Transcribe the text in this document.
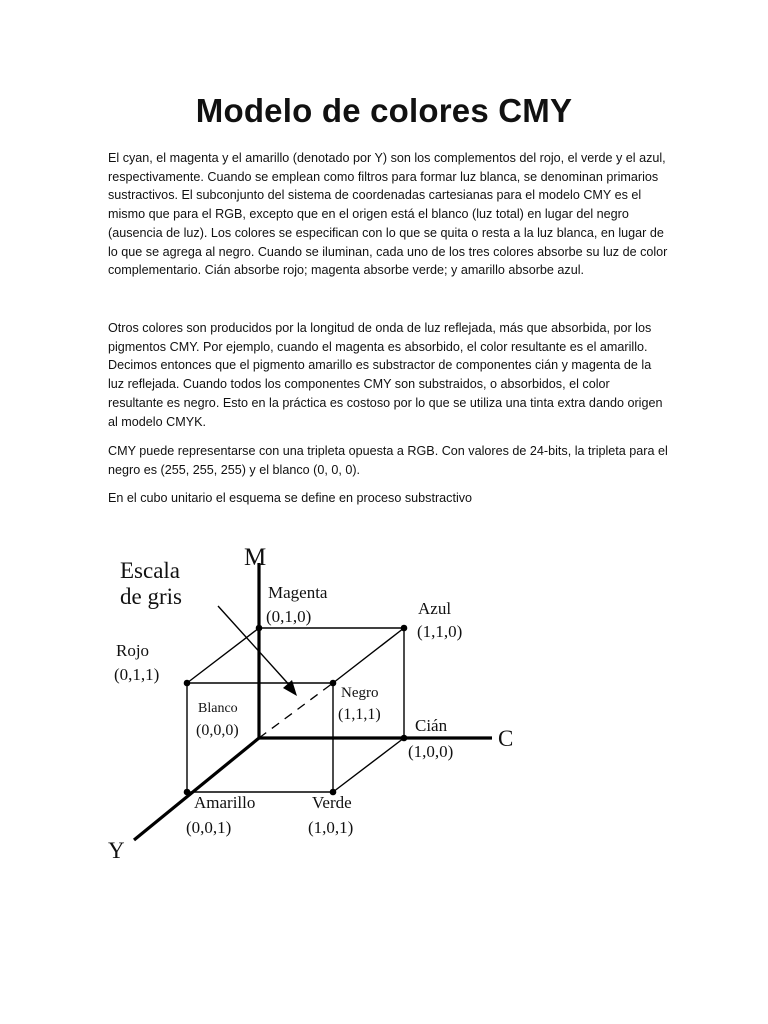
Modelo de colores CMY

El cyan, el magenta y el amarillo (denotado por Y) son los complementos del rojo, el verde y el azul, respectivamente. Cuando se emplean como filtros para formar luz blanca, se denominan primarios sustractivos. El subconjunto del sistema de coordenadas cartesianas para el modelo CMY es el mismo que para el RGB, excepto que en el origen está el blanco (luz total) en lugar del negro (ausencia de luz). Los colores se especifican con lo que se quita o resta a la luz blanca, en lugar de lo que se agrega al negro. Cuando se iluminan, cada uno de los tres colores absorbe su luz de color complementario. Cián absorbe rojo; magenta absorbe verde; y amarillo absorbe azul.

Otros colores son producidos por la longitud de onda de luz reflejada, más que absorbida, por los pigmentos CMY. Por ejemplo, cuando el magenta es absorbido, el color resultante es el amarillo. Decimos entonces que el pigmento amarillo es substractor de componentes cián y magenta de la luz reflejada. Cuando todos los componentes CMY son substraidos, o absorbidos, el color resultante es negro. Esto en la práctica es costoso por lo que se utiliza una tinta extra dando origen al modelo CMYK.

CMY puede representarse con una tripleta opuesta a RGB. Con valores de 24-bits, la tripleta para el negro es (255, 255, 255) y el blanco (0, 0, 0).

En el cubo unitario el esquema se define en proceso substractivo

M
C
Y
Escala
de gris	Magenta
(0,1,0)	Azul
(1,1,0)
Rojo
(0,1,1)
Blanco
(0,0,0)
Negro
(1,1,1)
Cián
(1,0,0)
Amarillo
(0,0,1)
Verde
(1,0,1)
